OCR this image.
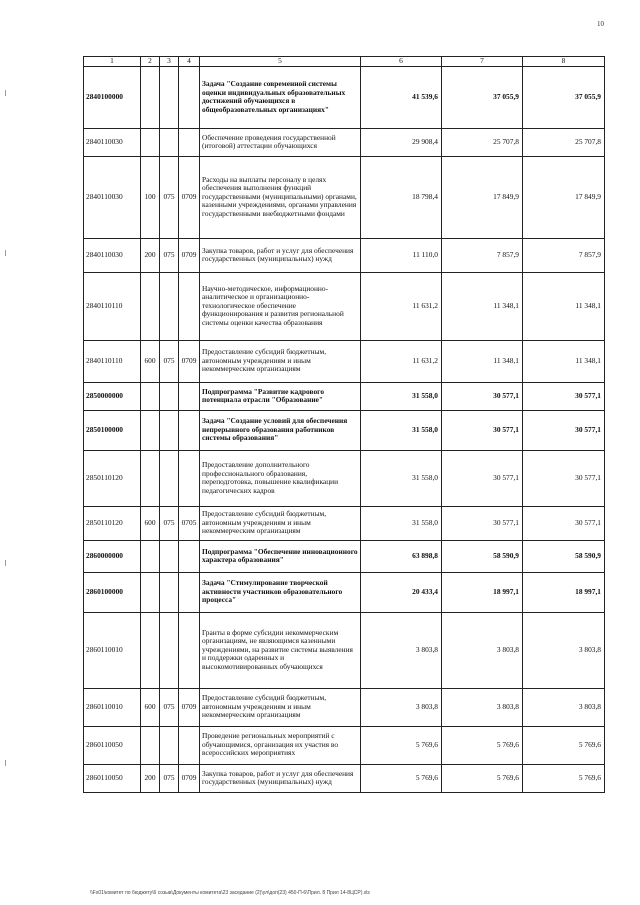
10
1	2	3	4	5	6	7	8
2840100000				Задача "Создание современной системы оценки индивидуальных образовательных достижений обучающихся в общеобразовательных организациях"	41 539,6	37 055,9	37 055,9
2840110030				Обеспечение проведения государственной (итоговой) аттестации обучающихся	29 908,4	25 707,8	25 707,8
2840110030	100	075	0709	Расходы на выплаты персоналу в целях обеспечения выполнения функций государственными (муниципальными) органами, казенными учреждениями, органами управления государственными внебюджетными фондами	18 798,4	17 849,9	17 849,9
2840110030	200	075	0709	Закупка товаров, работ и услуг для обеспечения государственных (муниципальных) нужд	11 110,0	7 857,9	7 857,9
2840110110				Научно-методическое, информационно-аналитическое и организационно-технологическое обеспечение функционирования и развития региональной системы оценки качества образования	11 631,2	11 348,1	11 348,1
2840110110	600	075	0709	Предоставление субсидий бюджетным, автономным учреждениям и иным некоммерческим организациям	11 631,2	11 348,1	11 348,1
2850000000				Подпрограмма "Развитие кадрового потенциала отрасли "Образование"	31 558,0	30 577,1	30 577,1
2850100000				Задача "Создание условий для обеспечения непрерывного образования работников системы образования"	31 558,0	30 577,1	30 577,1
2850110120				Предоставление дополнительного профессионального образования, переподготовка, повышение квалификации педагогических кадров	31 558,0	30 577,1	30 577,1
2850110120	600	075	0705	Предоставление субсидий бюджетным, автономным учреждениям и иным некоммерческим организациям	31 558,0	30 577,1	30 577,1
2860000000				Подпрограмма "Обеспечение инновационного характера образования"	63 898,8	58 590,9	58 590,9
2860100000				Задача "Стимулирование творческой активности участников образовательного процесса"	20 433,4	18 997,1	18 997,1
2860110010				Гранты в форме субсидии некоммерческим организациям, не являющимся казенными учреждениями, на развитие системы выявления и поддержки одаренных и высокомотивированных обучающихся	3 803,8	3 803,8	3 803,8
2860110010	600	075	0709	Предоставление субсидий бюджетным, автономным учреждениям и иным некоммерческим организациям	3 803,8	3 803,8	3 803,8
2860110050				Проведение региональных мероприятий с обучающимися, организация их участия во всероссийских мероприятиях	5 769,6	5 769,6	5 769,6
2860110050	200	075	0709	Закупка товаров, работ и услуг для обеспечения государственных (муниципальных) нужд	5 769,6	5 769,6	5 769,6
\\Fs01\комитет по бюджету\6 созыв\Документы комитета\23 заседание (2)\ул\доп(23) 450-П-6\Прил. 8 Прил 14-8ЦСР).xls
